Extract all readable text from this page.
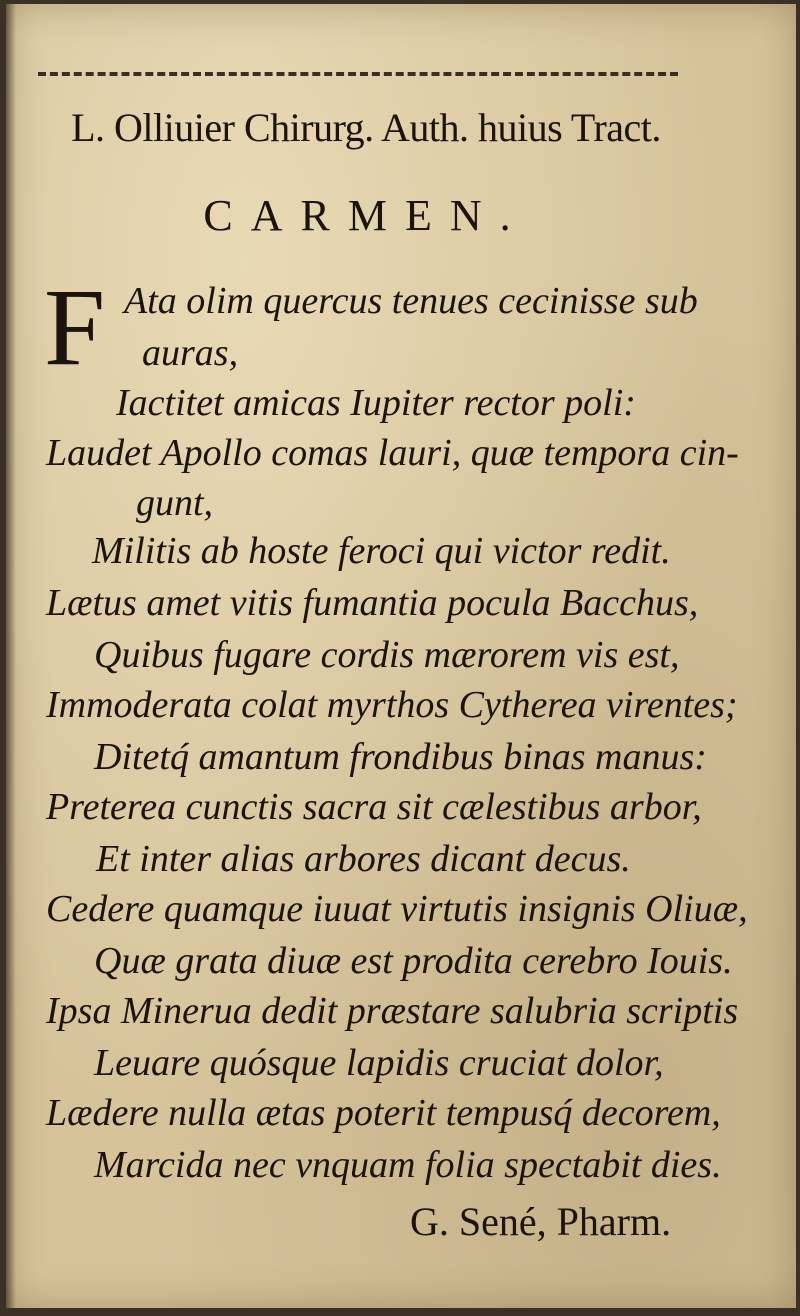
L. Olliuier Chirurg. Auth. huius Tract.
CARMEN.
F Ata olim quercus tenues cecinisse sub
auras,
Iactitet amicas Iupiter rector poli:
Laudet Apollo comas lauri, quæ tempora cin-
gunt,
Militis ab hoste feroci qui victor redit.
Lætus amet vitis fumantia pocula Bacchus,
Quibus fugare cordis mærorem vis est,
Immoderata colat myrthos Cytherea virentes;
Ditetq́ amantum frondibus binas manus:
Preterea cunctis sacra sit cælestibus arbor,
Et inter alias arbores dicant decus.
Cedere quamque iuuat virtutis insignis Oliuæ,
Quæ grata diuæ est prodita cerebro Iouis.
Ipsa Minerua dedit præstare salubria scriptis
Leuare quósque lapidis cruciat dolor,
Lædere nulla ætas poterit tempusq́ decorem,
Marcida nec vnquam folia spectabit dies.
G. Sené, Pharm.
